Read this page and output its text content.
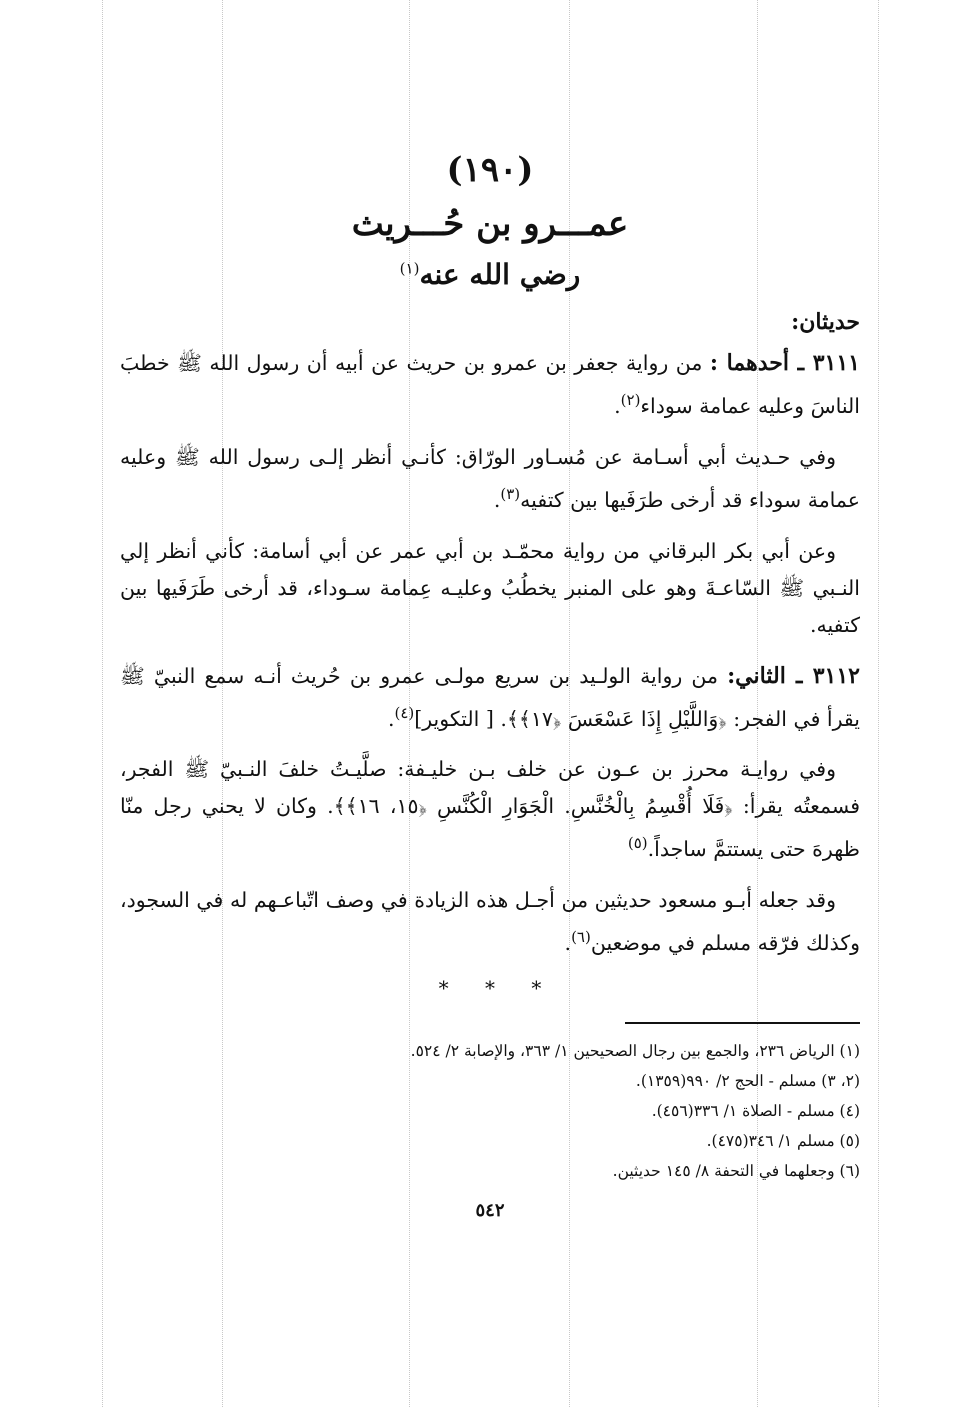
(١٩٠)
عمـــرو بن حُـــريث
رضي الله عنه$^{(١)}$
حديثان:

٣١١١ ـ أحدهما : من رواية جعفر بن عمرو بن حريث عن أبيه أن رسول الله ﷺ خطبَ الناسَ وعليه عمامة سوداء$^{(٢)}$.

وفي حـديث أبي أسـامة عن مُسـاور الورّاق: كأنـي أنظر إلـى رسول الله ﷺ وعليه عمامة سوداء قد أرخى طرَفَيها بين كتفيه$^{(٣)}$.

وعن أبي بكر البرقاني من رواية محمّـد بن أبي عمر عن أبي أسامة: كأني أنظر إلي النـبي ﷺ السّاعـةَ وهو على المنبر يخطُبُ وعليـه عِمامة سـوداء، قد أرخى طَرَفَيها بين كتفيه.

٣١١٢ ـ الثاني: من رواية الولـيد بن سريع مولـى عمرو بن حُريث أنـه سمع النبيّ ﷺ يقرأ في الفجر: ﴿وَاللَّيْلِ إِذَا عَسْعَسَ ﴿١٧﴾﴾. [ التكوير]$^{(٤)}$.

وفي روايـة محرز بن عـون عن خلف بـن خليـفة: صلَّيـتُ خلفَ النـبيّ ﷺ الفجر، فسمعتُه يقرأ: ﴿فَلَا أُقْسِمُ بِالْخُنَّسِ. الْجَوَارِ الْكُنَّسِ ﴿١٥، ١٦﴾﴾. وكان لا يحني رجل منّا ظهرهَ حتى يستتمَّ ساجداً.$^{(٥)}$

وقد جعله أبـو مسعود حديثين من أجـل هذه الزيادة في وصف اتّباعـهم له في السجود، وكذلك فرّقه مسلم في موضعين$^{(٦)}$.

* * *

(١) الرياض ٢٣٦، والجمع بين رجال الصحيحين ١/ ٣٦٣، والإصابة ٢/ ٥٢٤.

(٢، ٣) مسلم - الحج ٢/ ٩٩٠(١٣٥٩).

(٤) مسلم - الصلاة ١/ ٣٣٦(٤٥٦).

(٥) مسلم ١/ ٣٤٦(٤٧٥).

(٦) وجعلهما في التحفة ٨/ ١٤٥ حديثين.

٥٤٢
